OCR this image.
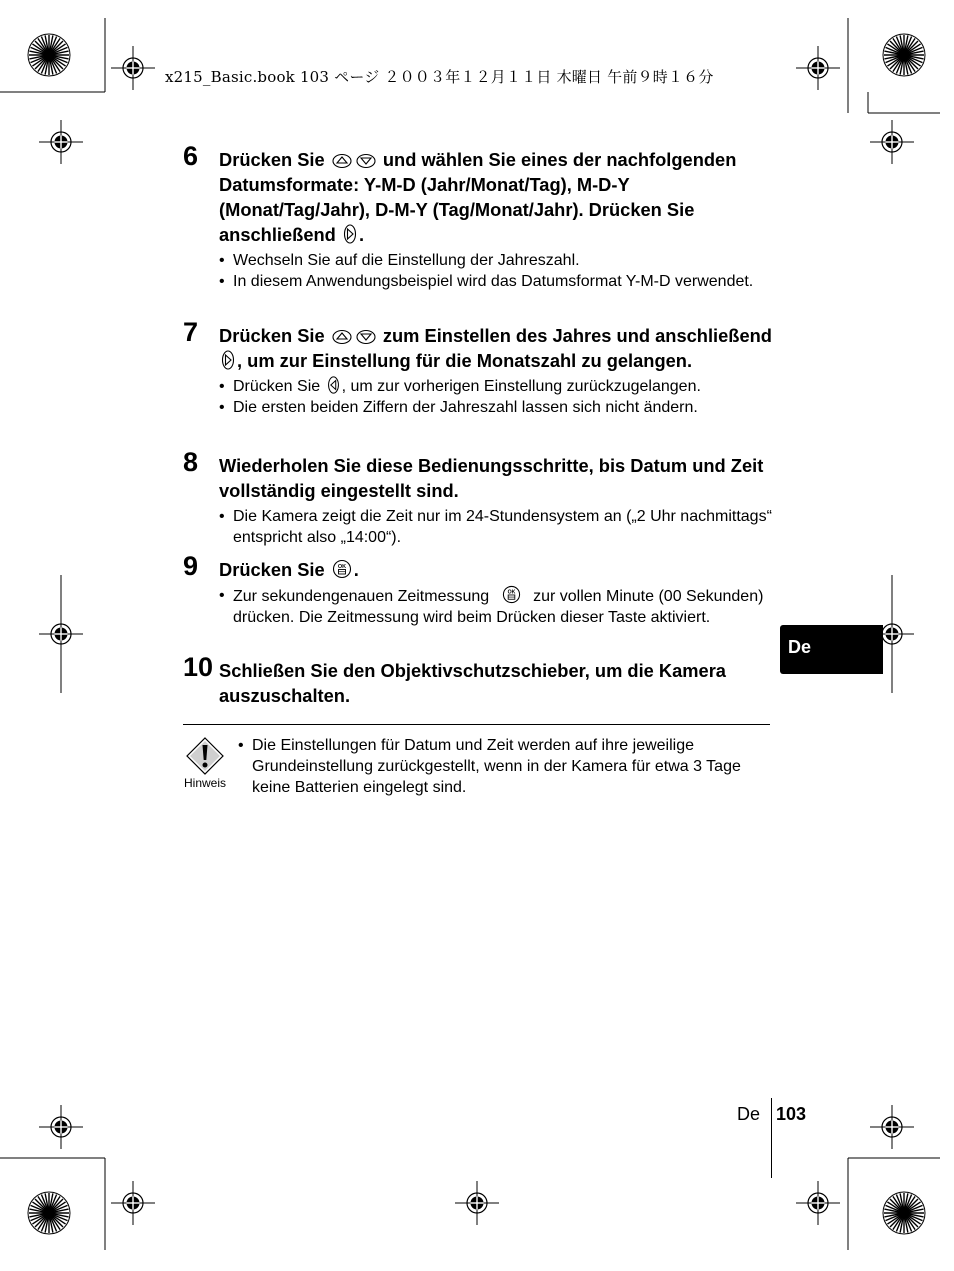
x215_Basic.book 103 ページ ２００３年１２月１１日 木曜日 午前９時１６分
6 Drücken Sie	und wählen Sie eines der nachfolgenden Datumsformate: Y-M-D (Jahr/Monat/Tag), M-D-Y (Monat/Tag/Jahr), D-M-Y (Tag/Monat/Jahr). Drücken Sie anschließend .
• Wechseln Sie auf die Einstellung der Jahreszahl.
• In diesem Anwendungsbeispiel wird das Datumsformat Y-M-D verwendet.
7 Drücken Sie	zum Einstellen des Jahres und anschließend
, um zur Einstellung für die Monatszahl zu gelangen.
• Drücken Sie , um zur vorherigen Einstellung zurückzugelangen.
• Die ersten beiden Ziffern der Jahreszahl lassen sich nicht ändern.
8 Wiederholen Sie diese Bedienungsschritte, bis Datum und Zeit vollständig eingestellt sind.
• Die Kamera zeigt die Zeit nur im 24-Stundensystem an („2 Uhr nachmittags“ entspricht also „14:00“).
9 Drücken Sie OK .
• Zur sekundengenauen Zeitmessung	OK zur vollen Minute (00 Sekunden) drücken. Die Zeitmessung wird beim Drücken dieser Taste aktiviert.
10 Schließen Sie den Objektivschutzschieber, um die Kamera auszuschalten.
De
Hinweis
• Die Einstellungen für Datum und Zeit werden auf ihre jeweilige Grundeinstellung zurückgestellt, wenn in der Kamera für etwa 3 Tage keine Batterien eingelegt sind.
De 103
